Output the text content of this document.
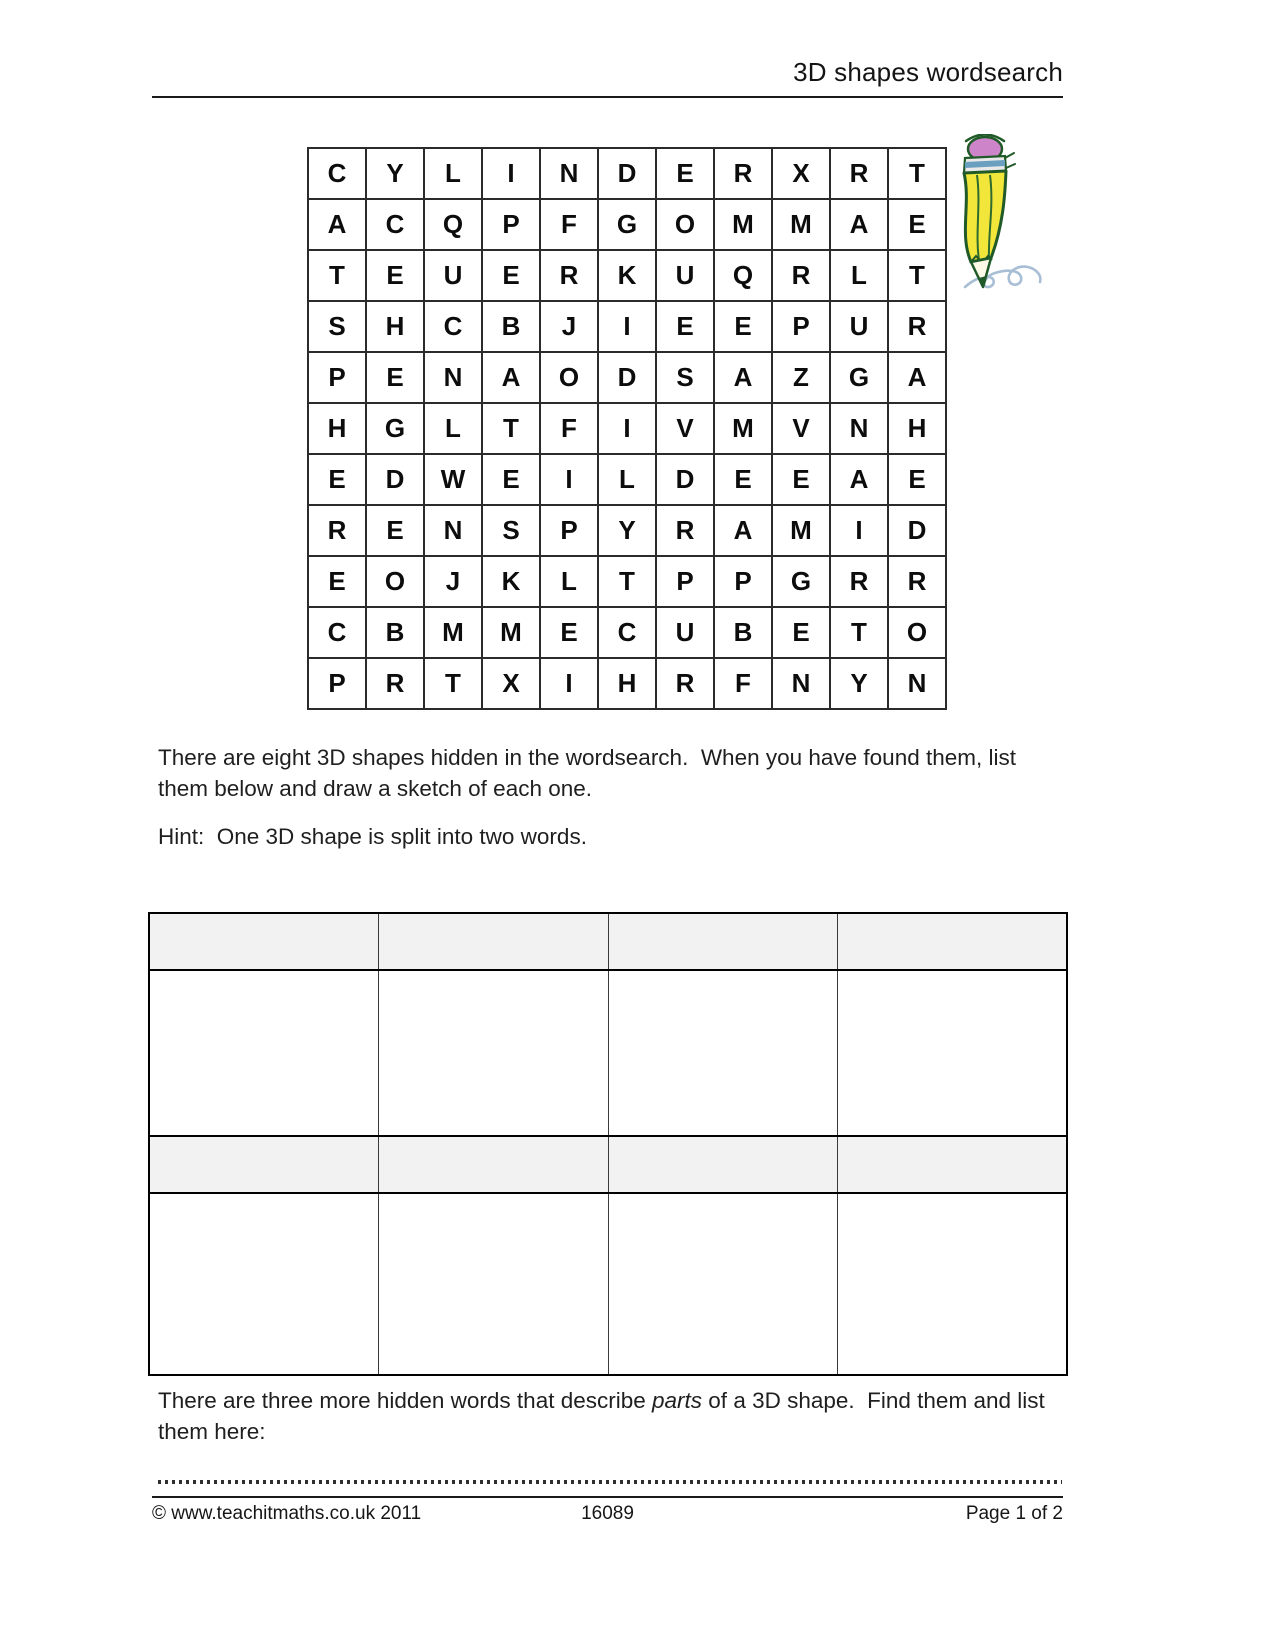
3D shapes wordsearch
C	Y	L	I	N	D	E	R	X	R	T
A	C	Q	P	F	G	O	M	M	A	E
T	E	U	E	R	K	U	Q	R	L	T
S	H	C	B	J	I	E	E	P	U	R
P	E	N	A	O	D	S	A	Z	G	A
H	G	L	T	F	I	V	M	V	N	H
E	D	W	E	I	L	D	E	E	A	E
R	E	N	S	P	Y	R	A	M	I	D
E	O	J	K	L	T	P	P	G	R	R
C	B	M	M	E	C	U	B	E	T	O
P	R	T	X	I	H	R	F	N	Y	N

There are eight 3D shapes hidden in the wordsearch.  When you have found them, list them below and draw a sketch of each one.

Hint:  One 3D shape is split into two words.

There are three more hidden words that describe parts of a 3D shape.  Find them and list them here:

© www.teachitmaths.co.uk 2011	16089	Page 1 of 2
